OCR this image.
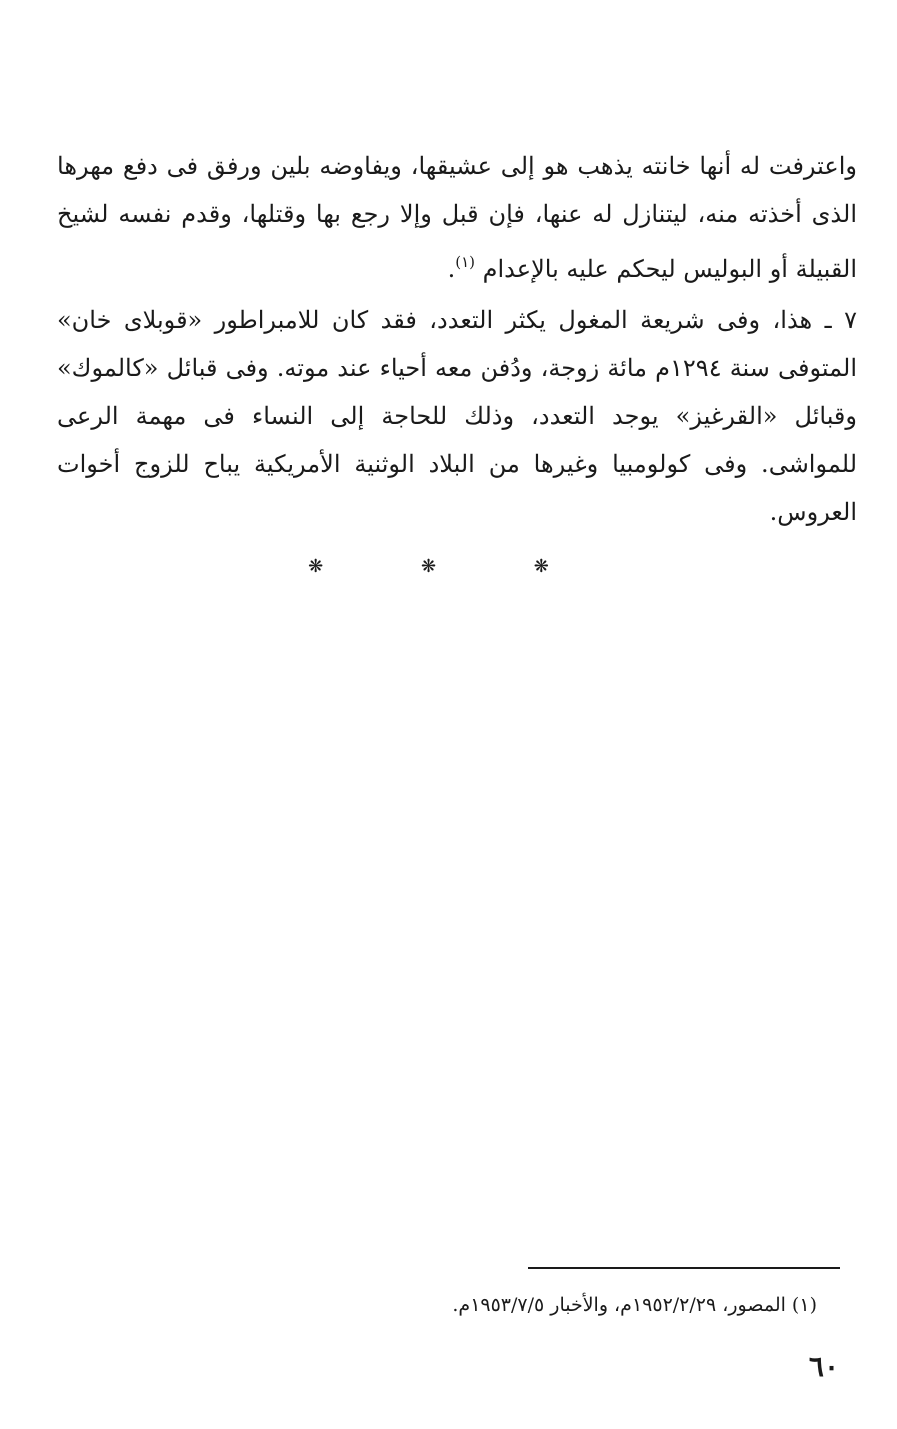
واعترفت له أنها خانته يذهب هو إلى عشيقها، ويفاوضه بلين ورفق فى دفع مهرها الذى أخذته منه، ليتنازل له عنها، فإن قبل وإلا رجع بها وقتلها، وقدم نفسه لشيخ القبيلة أو البوليس ليحكم عليه بالإعدام $^{(١)}$.

٧ ـ هذا، وفى شريعة المغول يكثر التعدد، فقد كان للامبراطور «قوبلاى خان» المتوفى سنة ١٢٩٤م مائة زوجة، ودُفن معه أحياء عند موته. وفى قبائل «كالموك» وقبائل «القرغيز» يوجد التعدد، وذلك للحاجة إلى النساء فى مهمة الرعى للمواشى. وفى كولومبيا وغيرها من البلاد الوثنية الأمريكية يباح للزوج أخوات العروس.

❋	❋	❋
(١) المصور، ١٩٥٢/٢/٢٩م، والأخبار ١٩٥٣/٧/٥م.
٦٠
